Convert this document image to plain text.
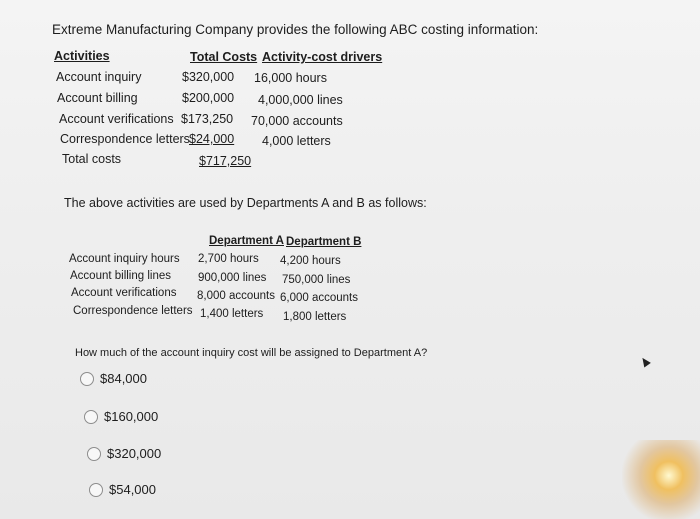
Extreme Manufacturing Company provides the following ABC costing information:
Activities	Total Costs Activity-cost drivers
Account inquiry	$320,000 16,000 hours
Account billing	$200,000 4,000,000 lines
Account verifications $173,250 70,000 accounts
Correspondence letters $24,000 4,000 letters
Total costs	$717,250
The above activities are used by Departments A and B as follows:
Department A Department B
Account inquiry hours 2,700 hours 4,200 hours
Account billing lines 900,000 lines 750,000 lines
Account verifications 8,000 accounts 6,000 accounts
Correspondence letters 1,400 letters 1,800 letters
How much of the account inquiry cost will be assigned to Department A?
$84,000
$160,000
$320,000
$54,000
